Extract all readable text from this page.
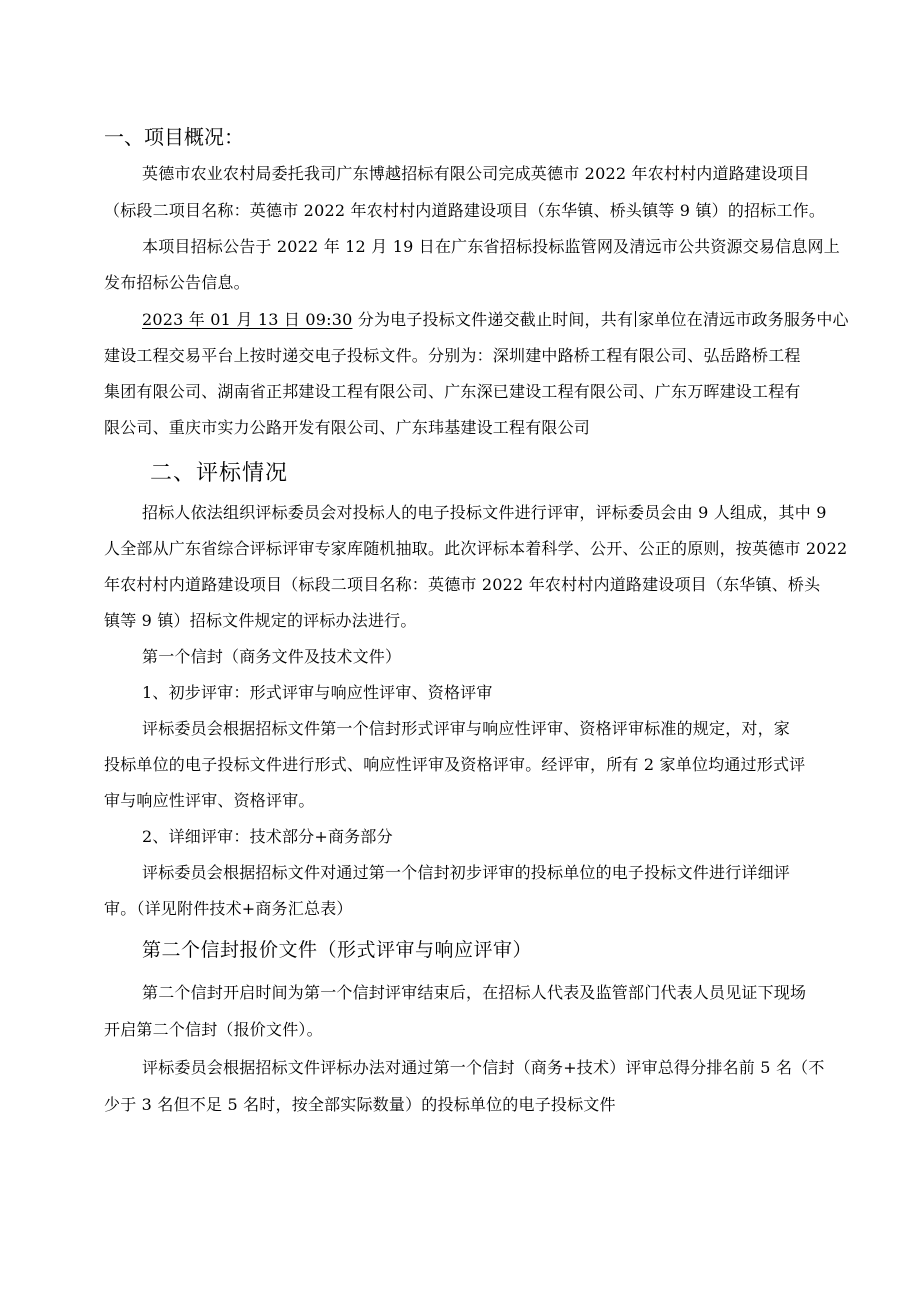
一、项目概况：
英德市农业农村局委托我司广东博越招标有限公司完成英德市 2022 年农村村内道路建设项目
（标段二项目名称：英德市 2022 年农村村内道路建设项目（东华镇、桥头镇等 9 镇）的招标工作。
本项目招标公告于 2022 年 12 月 19 日在广东省招标投标监管网及清远市公共资源交易信息网上
发布招标公告信息。
2023 年 01 月 13 日 09:30 分为电子投标文件递交截止时间，共有 家单位在清远市政务服务中心
建设工程交易平台上按时递交电子投标文件。分别为：深圳建中路桥工程有限公司、弘岳路桥工程
集团有限公司、湖南省正邦建设工程有限公司、广东深已建设工程有限公司、广东万晖建设工程有
限公司、重庆市实力公路开发有限公司、广东玮基建设工程有限公司
二、评标情况
招标人依法组织评标委员会对投标人的电子投标文件进行评审，评标委员会由 9 人组成，其中 9
人全部从广东省综合评标评审专家库随机抽取。此次评标本着科学、公开、公正的原则，按英德市 2022
年农村村内道路建设项目（标段二项目名称：英德市 2022 年农村村内道路建设项目（东华镇、桥头
镇等 9 镇）招标文件规定的评标办法进行。
第一个信封（商务文件及技术文件）
1、初步评审：形式评审与响应性评审、资格评审
评标委员会根据招标文件第一个信封形式评审与响应性评审、资格评审标准的规定，对，家
投标单位的电子投标文件进行形式、响应性评审及资格评审。经评审，所有 2 家单位均通过形式评
审与响应性评审、资格评审。
2、详细评审：技术部分+商务部分
评标委员会根据招标文件对通过第一个信封初步评审的投标单位的电子投标文件进行详细评
审。（详见附件技术+商务汇总表）
第二个信封报价文件（形式评审与响应评审）
第二个信封开启时间为第一个信封评审结束后，在招标人代表及监管部门代表人员见证下现场
开启第二个信封（报价文件）。
评标委员会根据招标文件评标办法对通过第一个信封（商务+技术）评审总得分排名前 5 名（不
少于 3 名但不足 5 名时，按全部实际数量）的投标单位的电子投标文件
